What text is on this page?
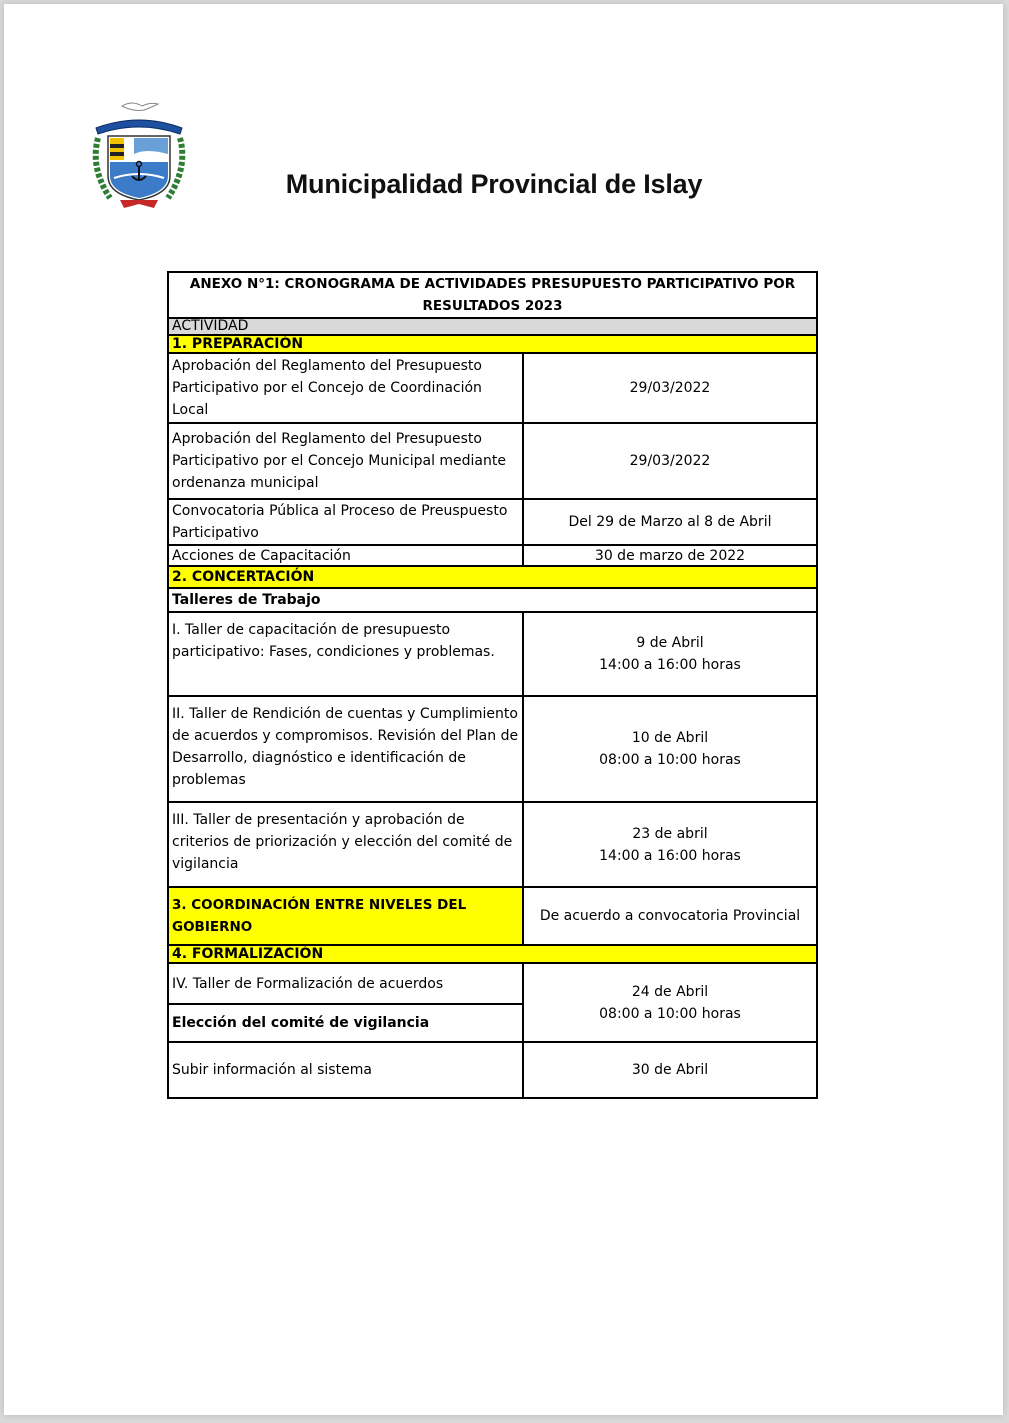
Municipalidad Provincial de Islay
ANEXO N°1: CRONOGRAMA DE ACTIVIDADES PRESUPUESTO PARTICIPATIVO POR
RESULTADOS 2023	

ACTIVIDAD	
1. PREPARACIÓN	
Aprobación del Reglamento del Presupuesto Participativo por el Concejo de Coordinación Local	29/03/2022
Aprobación del Reglamento del Presupuesto Participativo por el Concejo Municipal mediante ordenanza municipal	29/03/2022
Convocatoria Pública al Proceso de Preuspuesto Participativo	Del 29 de Marzo al 8 de Abril
Acciones de Capacitación	30 de marzo de 2022
2. CONCERTACIÓN	
Talleres de Trabajo	
I. Taller de capacitación de presupuesto participativo: Fases, condiciones y problemas.	9 de Abril
14:00 a 16:00 horas

II. Taller de Rendición de cuentas y Cumplimiento de acuerdos y compromisos. Revisión del Plan de Desarrollo, diagnóstico e identificación de problemas	10 de Abril
08:00 a 10:00 horas

III. Taller de presentación y aprobación de criterios de priorización y elección del comité de vigilancia	23 de abril
14:00 a 16:00 horas

3. COORDINACIÓN ENTRE NIVELES DEL GOBIERNO	De acuerdo a convocatoria Provincial
4. FORMALIZACIÓN	
IV. Taller de Formalización de acuerdos	24 de Abril
08:00 a 10:00 horas

Elección del comité de vigilancia	
Subir información al sistema	30 de Abril
